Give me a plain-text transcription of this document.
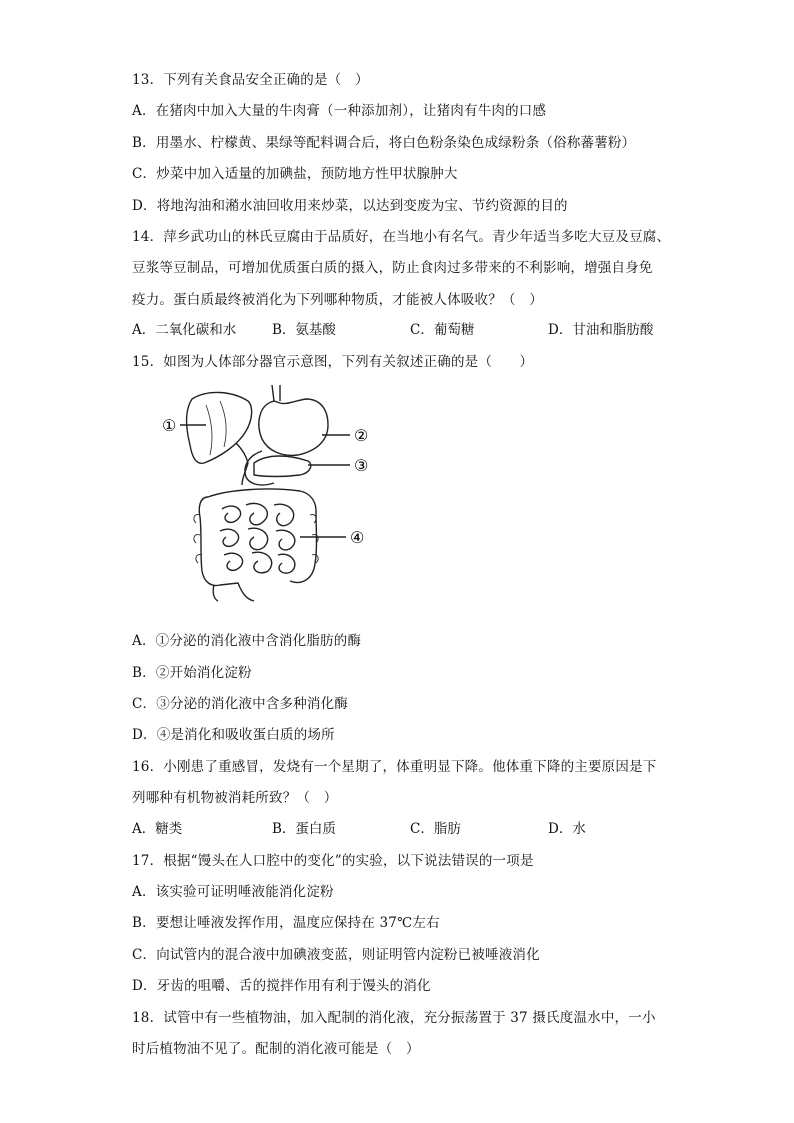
13．下列有关食品安全正确的是（　）
A．在猪肉中加入大量的牛肉膏（一种添加剂），让猪肉有牛肉的口感
B．用墨水、柠檬黄、果绿等配料调合后，将白色粉条染色成绿粉条（俗称蕃薯粉）
C．炒菜中加入适量的加碘盐，预防地方性甲状腺肿大
D．将地沟油和潲水油回收用来炒菜，以达到变废为宝、节约资源的目的
14．萍乡武功山的林氏豆腐由于品质好，在当地小有名气。青少年适当多吃大豆及豆腐、
豆浆等豆制品，可增加优质蛋白质的摄入，防止食肉过多带来的不利影响，增强自身免
疫力。蛋白质最终被消化为下列哪种物质，才能被人体吸收？（　）
A．二氧化碳和水	B．氨基酸	C．葡萄糖	D．甘油和脂肪酸
15．如图为人体部分器官示意图，下列有关叙述正确的是（　　）
①
②
③
④
A．①分泌的消化液中含消化脂肪的酶
B．②开始消化淀粉
C．③分泌的消化液中含多种消化酶
D．④是消化和吸收蛋白质的场所
16．小刚患了重感冒，发烧有一个星期了，体重明显下降。他体重下降的主要原因是下
列哪种有机物被消耗所致？（　）
A．糖类	B．蛋白质	C．脂肪	D．水
17．根据“馒头在人口腔中的变化”的实验，以下说法错误的一项是
A．该实验可证明唾液能消化淀粉
B．要想让唾液发挥作用，温度应保持在 37℃左右
C．向试管内的混合液中加碘液变蓝，则证明管内淀粉已被唾液消化
D．牙齿的咀嚼、舌的搅拌作用有利于馒头的消化
18．试管中有一些植物油，加入配制的消化液，充分振荡置于 37 摄氏度温水中，一小
时后植物油不见了。配制的消化液可能是（　）
